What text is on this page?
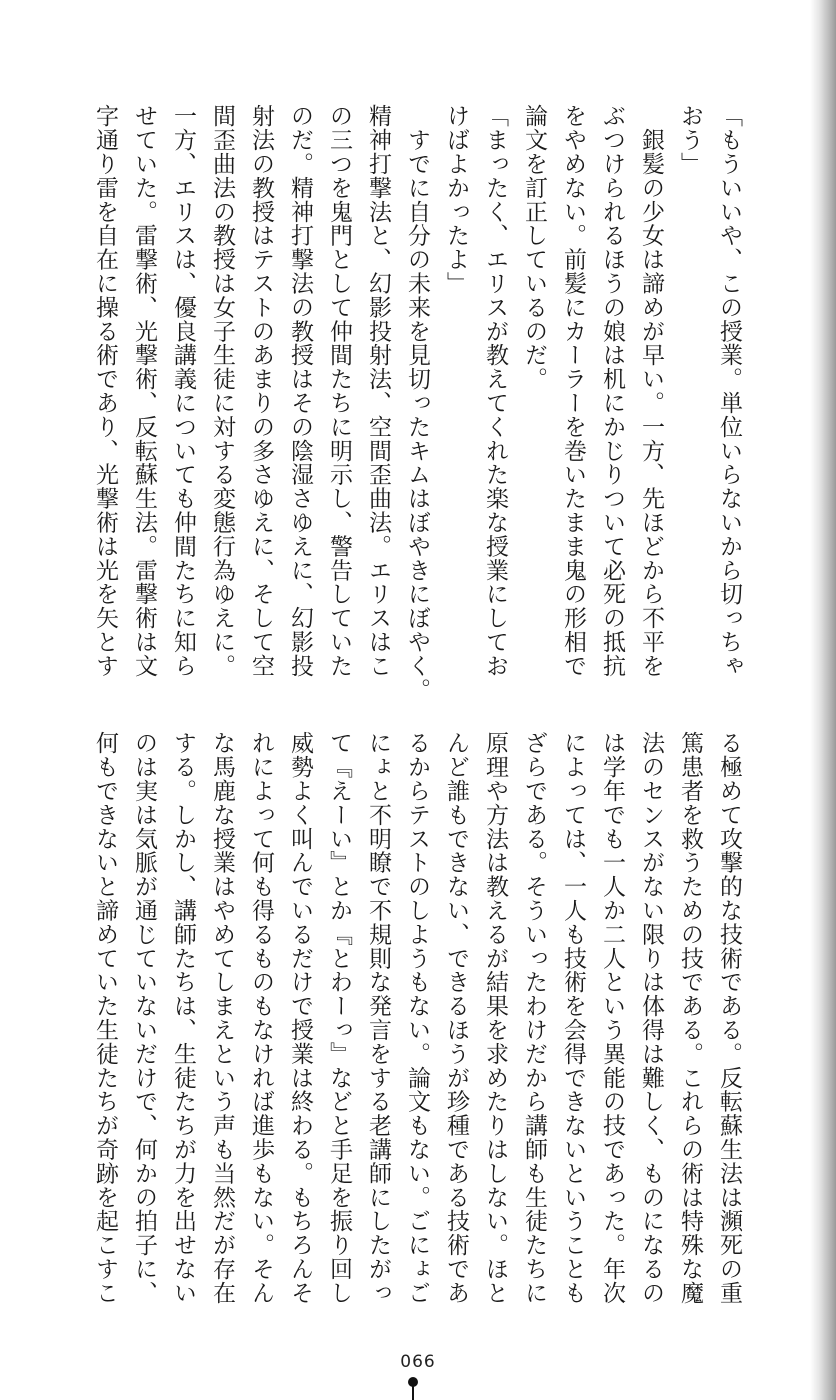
「もういいや、この授業。単位いらないから切っちゃ
おう」
　銀髪の少女は諦めが早い。一方、先ほどから不平を
ぶつけられるほうの娘は机にかじりついて必死の抵抗
をやめない。前髪にカーラーを巻いたまま鬼の形相で
論文を訂正しているのだ。
「まったく、エリスが教えてくれた楽な授業にしてお
けばよかったよ」
　すでに自分の未来を見切ったキムはぼやきにぼやく。
精神打撃法と、幻影投射法、空間歪曲法。エリスはこ
の三つを鬼門として仲間たちに明示し、警告していた
のだ。精神打撃法の教授はその陰湿さゆえに、幻影投
射法の教授はテストのあまりの多さゆえに、そして空
間歪曲法の教授は女子生徒に対する変態行為ゆえに。
一方、エリスは、優良講義についても仲間たちに知ら
せていた。雷撃術、光撃術、反転蘇生法。雷撃術は文
字通り雷を自在に操る術であり、光撃術は光を矢とす
る極めて攻撃的な技術である。反転蘇生法は瀕死の重
篤患者を救うための技である。これらの術は特殊な魔
法のセンスがない限りは体得は難しく、ものになるの
は学年でも一人か二人という異能の技であった。年次
によっては、一人も技術を会得できないということも
ざらである。そういったわけだから講師も生徒たちに
原理や方法は教えるが結果を求めたりはしない。ほと
んど誰もできない、できるほうが珍種である技術であ
るからテストのしようもない。論文もない。ごにょご
にょと不明瞭で不規則な発言をする老講師にしたがっ
て『えーい』とか『とわーっ』などと手足を振り回し
威勢よく叫んでいるだけで授業は終わる。もちろんそ
れによって何も得るものもなければ進歩もない。そん
な馬鹿な授業はやめてしまえという声も当然だが存在
する。しかし、講師たちは、生徒たちが力を出せない
のは実は気脈が通じていないだけで、何かの拍子に、
何もできないと諦めていた生徒たちが奇跡を起こすこ
066
